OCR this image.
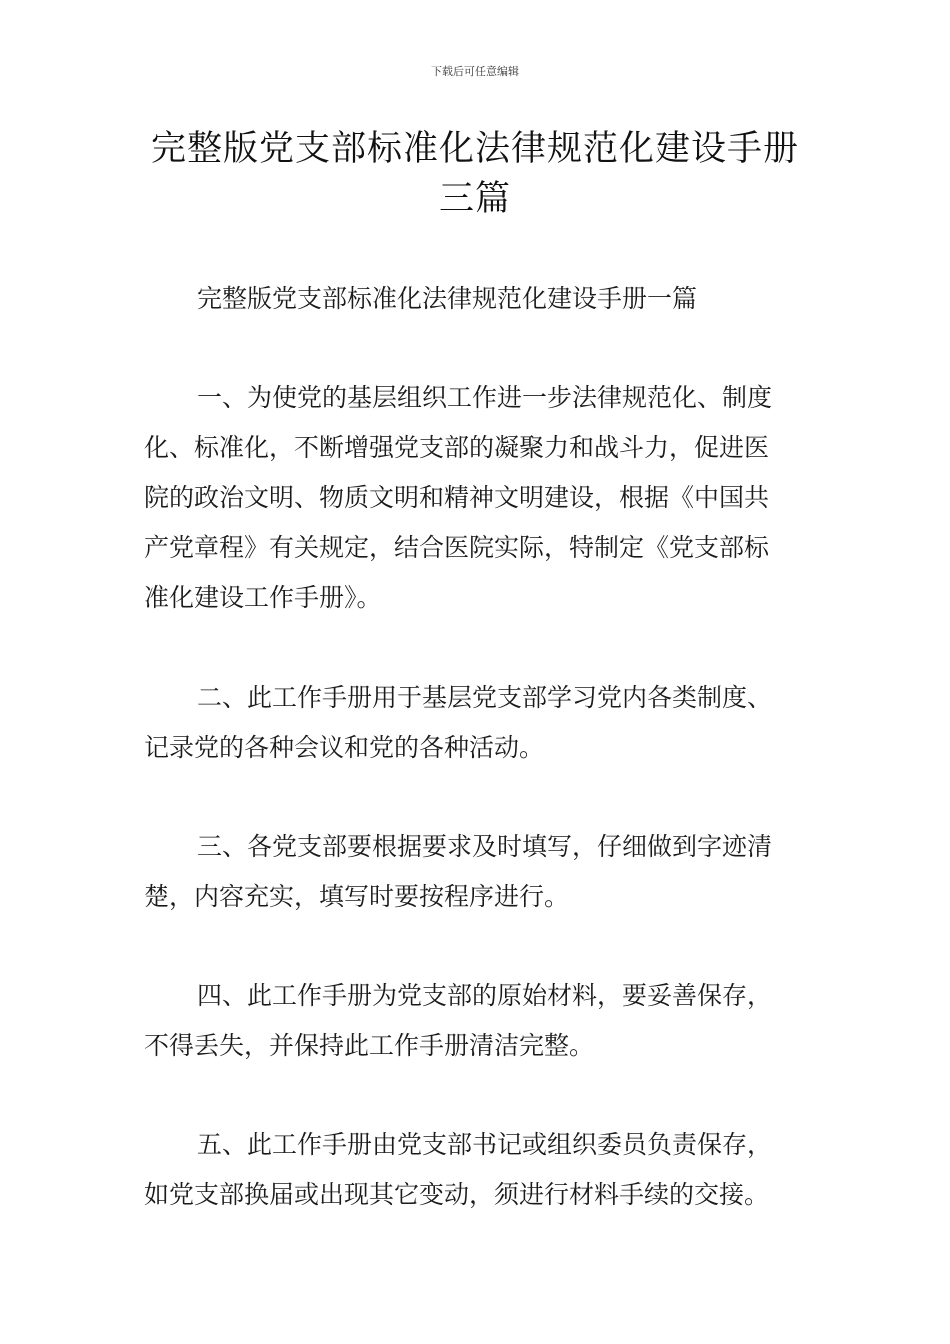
下载后可任意编辑
完整版党支部标准化法律规范化建设手册
三篇
完整版党支部标准化法律规范化建设手册一篇
一、为使党的基层组织工作进一步法律规范化、制度
化、标准化，不断增强党支部的凝聚力和战斗力，促进医
院的政治文明、物质文明和精神文明建设，根据《中国共
产党章程》有关规定，结合医院实际，特制定《党支部标
准化建设工作手册》。
二、此工作手册用于基层党支部学习党内各类制度、
记录党的各种会议和党的各种活动。
三、各党支部要根据要求及时填写，仔细做到字迹清
楚，内容充实，填写时要按程序进行。
四、此工作手册为党支部的原始材料，要妥善保存，
不得丢失，并保持此工作手册清洁完整。
五、此工作手册由党支部书记或组织委员负责保存，
如党支部换届或出现其它变动，须进行材料手续的交接。
